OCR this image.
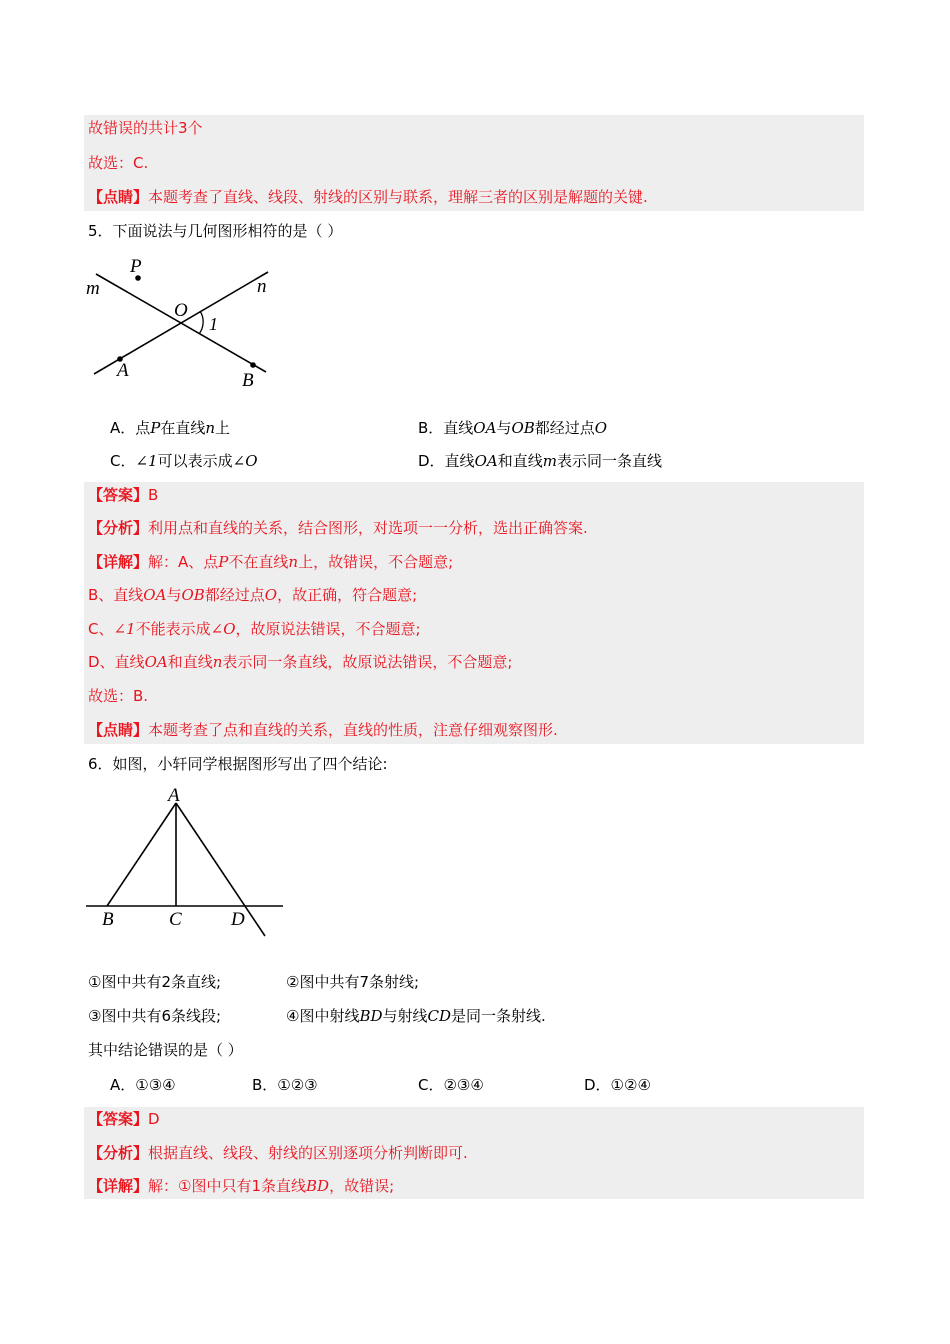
故错误的共计3个
故选：C.
【点睛】本题考查了直线、线段、射线的区别与联系，理解三者的区别是解题的关键.
5．下面说法与几何图形相符的是（ ）
P
m
O
n
1
A	B
A．点P在直线n上	B．直线OA与OB都经过点O
C．∠1可以表示成∠O	D．直线OA和直线m表示同一条直线
【答案】B
【分析】利用点和直线的关系，结合图形，对选项一一分析，选出正确答案.
【详解】解：A、点P不在直线n上，故错误，不合题意;
B、直线OA与OB都经过点O，故正确，符合题意;
C、∠1不能表示成∠O，故原说法错误，不合题意;
D、直线OA和直线n表示同一条直线，故原说法错误，不合题意;
故选：B.
【点睛】本题考查了点和直线的关系，直线的性质，注意仔细观察图形.
6．如图，小轩同学根据图形写出了四个结论:
A
B	C	D
①图中共有2条直线;	②图中共有7条射线;
③图中共有6条线段;	④图中射线BD与射线CD是同一条射线.
其中结论错误的是（ ）
A．①③④	B．①②③	C．②③④	D．①②④
【答案】D
【分析】根据直线、线段、射线的区别逐项分析判断即可.
【详解】解：①图中只有1条直线BD，故错误;
